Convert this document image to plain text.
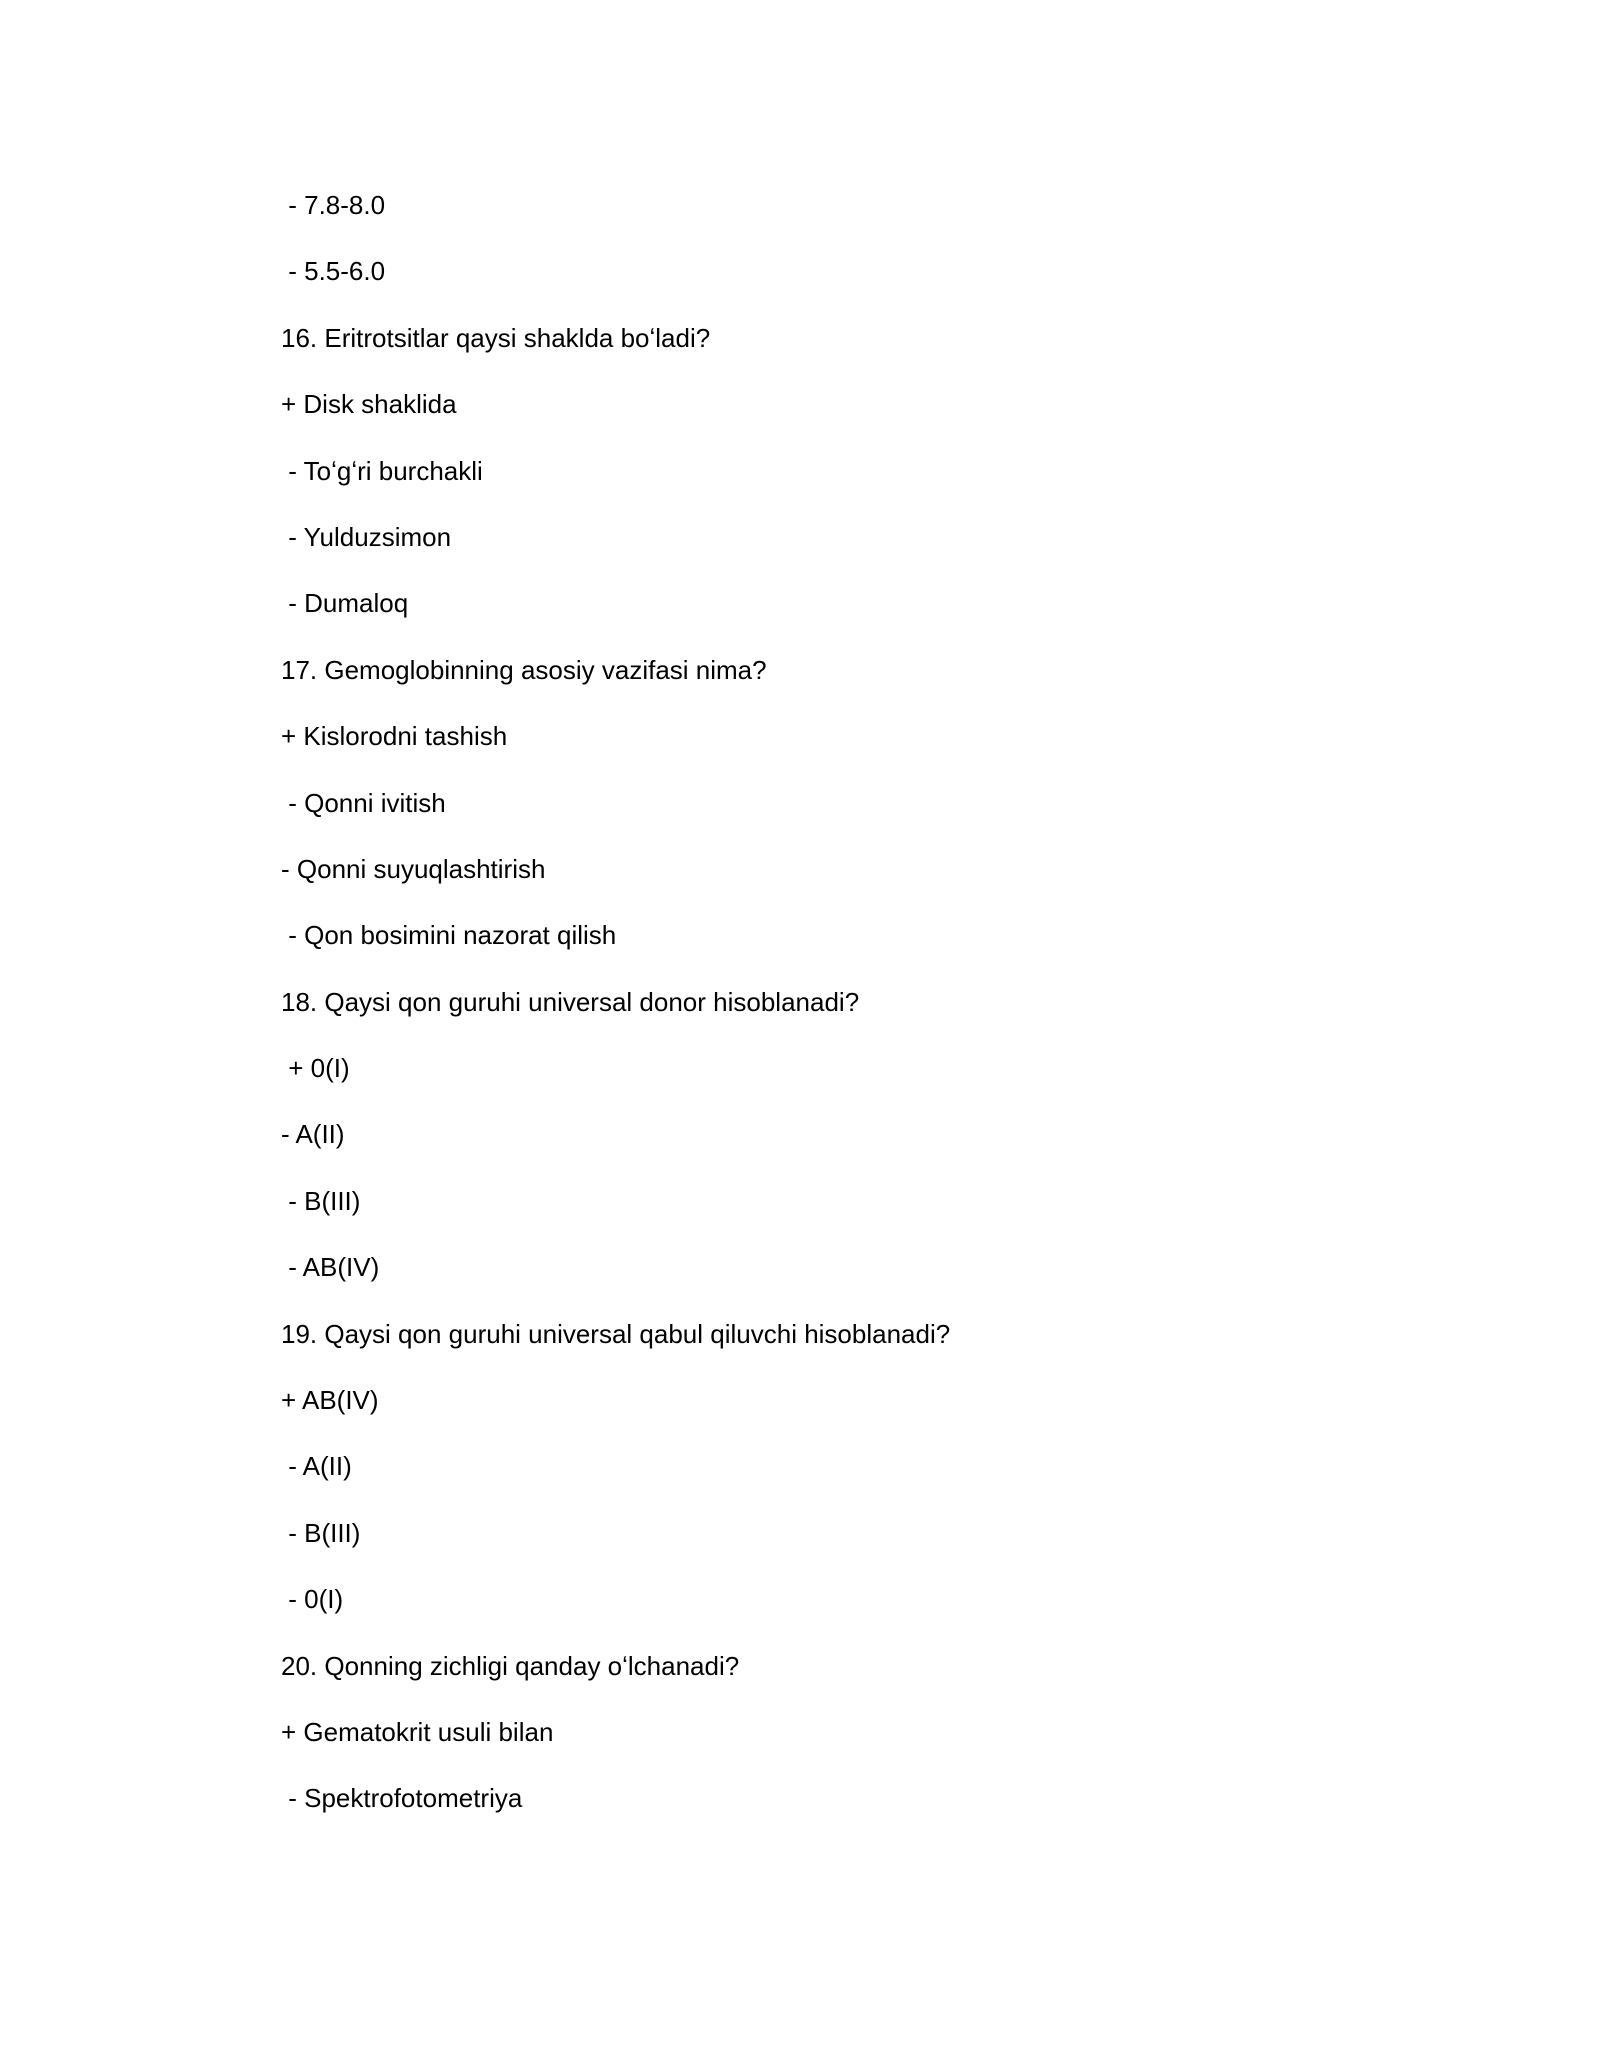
- 7.8-8.0
- 5.5-6.0
16. Eritrotsitlar qaysi shaklda boʻladi?
+ Disk shaklida
- Toʻgʻri burchakli
- Yulduzsimon
- Dumaloq
17. Gemoglobinning asosiy vazifasi nima?
+ Kislorodni tashish
- Qonni ivitish
- Qonni suyuqlashtirish
- Qon bosimini nazorat qilish
18. Qaysi qon guruhi universal donor hisoblanadi?
+ 0(I)
- A(II)
- B(III)
- AB(IV)
19. Qaysi qon guruhi universal qabul qiluvchi hisoblanadi?
+ AB(IV)
- A(II)
- B(III)
- 0(I)
20. Qonning zichligi qanday oʻlchanadi?
+ Gematokrit usuli bilan
- Spektrofotometriya
